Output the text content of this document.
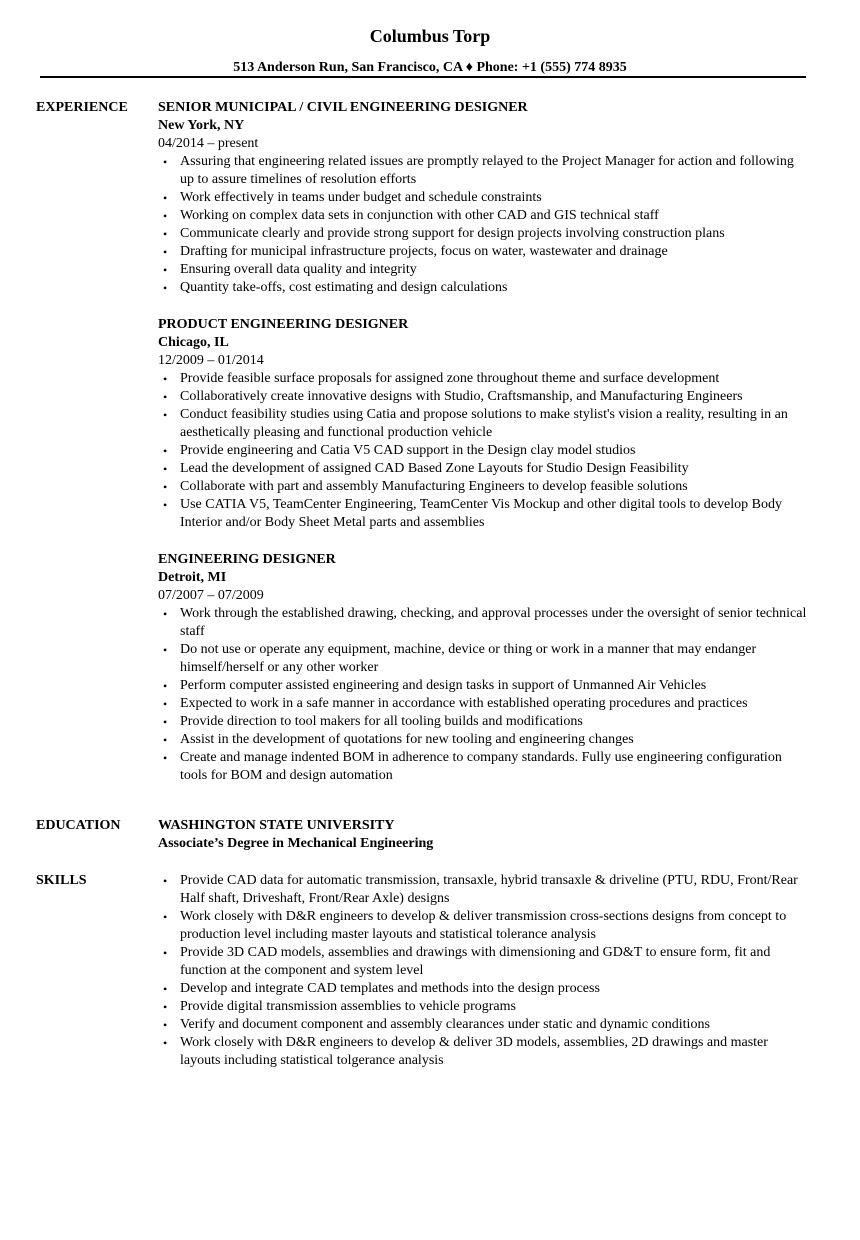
Columbus Torp
513 Anderson Run, San Francisco, CA ♦ Phone: +1 (555) 774 8935
EXPERIENCE SENIOR MUNICIPAL / CIVIL ENGINEERING DESIGNER
New York, NY
04/2014 – present
• Assuring that engineering related issues are promptly relayed to the Project Manager for action and following up to assure timelines of resolution efforts
• Work effectively in teams under budget and schedule constraints
• Working on complex data sets in conjunction with other CAD and GIS technical staff
• Communicate clearly and provide strong support for design projects involving construction plans
• Drafting for municipal infrastructure projects, focus on water, wastewater and drainage
• Ensuring overall data quality and integrity
• Quantity take-offs, cost estimating and design calculations
PRODUCT ENGINEERING DESIGNER
Chicago, IL
12/2009 – 01/2014
• Provide feasible surface proposals for assigned zone throughout theme and surface development
• Collaboratively create innovative designs with Studio, Craftsmanship, and Manufacturing Engineers
• Conduct feasibility studies using Catia and propose solutions to make stylist's vision a reality, resulting in an aesthetically pleasing and functional production vehicle
• Provide engineering and Catia V5 CAD support in the Design clay model studios
• Lead the development of assigned CAD Based Zone Layouts for Studio Design Feasibility
• Collaborate with part and assembly Manufacturing Engineers to develop feasible solutions
• Use CATIA V5, TeamCenter Engineering, TeamCenter Vis Mockup and other digital tools to develop Body Interior and/or Body Sheet Metal parts and assemblies
ENGINEERING DESIGNER
Detroit, MI
07/2007 – 07/2009
• Work through the established drawing, checking, and approval processes under the oversight of senior technical staff
• Do not use or operate any equipment, machine, device or thing or work in a manner that may endanger himself/herself or any other worker
• Perform computer assisted engineering and design tasks in support of Unmanned Air Vehicles
• Expected to work in a safe manner in accordance with established operating procedures and practices
• Provide direction to tool makers for all tooling builds and modifications
• Assist in the development of quotations for new tooling and engineering changes
• Create and manage indented BOM in adherence to company standards. Fully use engineering configuration tools for BOM and design automation
EDUCATION	WASHINGTON STATE UNIVERSITY
Associate’s Degree in Mechanical Engineering
SKILLS	• Provide CAD data for automatic transmission, transaxle, hybrid transaxle & driveline (PTU, RDU, Front/Rear Half shaft, Driveshaft, Front/Rear Axle) designs
• Work closely with D&R engineers to develop & deliver transmission cross-sections designs from concept to production level including master layouts and statistical tolerance analysis
• Provide 3D CAD models, assemblies and drawings with dimensioning and GD&T to ensure form, fit and function at the component and system level
• Develop and integrate CAD templates and methods into the design process
• Provide digital transmission assemblies to vehicle programs
• Verify and document component and assembly clearances under static and dynamic conditions
• Work closely with D&R engineers to develop & deliver 3D models, assemblies, 2D drawings and master layouts including statistical tolgerance analysis
